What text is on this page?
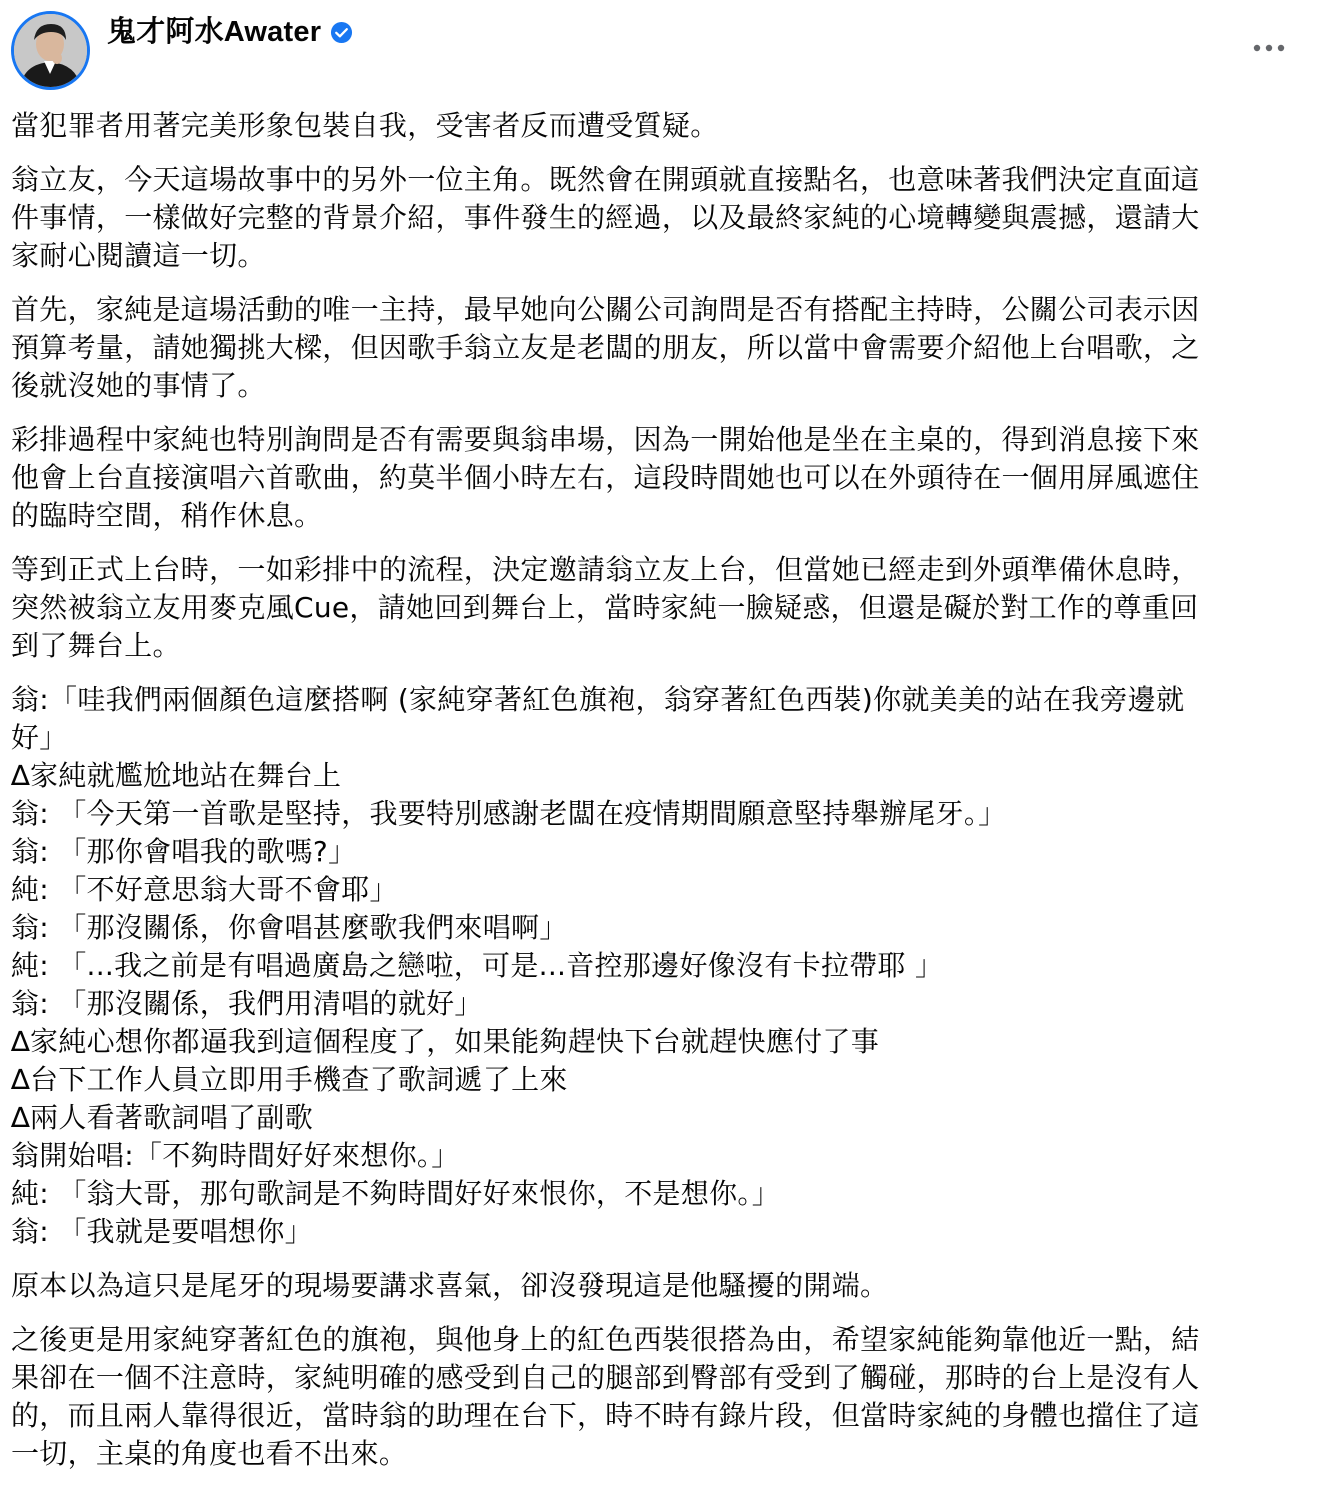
鬼才阿水Awater

當犯罪者用著完美形象包裝自我，受害者反而遭受質疑。

翁立友，今天這場故事中的另外一位主角。既然會在開頭就直接點名，也意味著我們決定直面這
件事情，一樣做好完整的背景介紹，事件發生的經過，以及最終家純的心境轉變與震撼，還請大
家耐心閱讀這一切。

首先，家純是這場活動的唯一主持，最早她向公關公司詢問是否有搭配主持時，公關公司表示因
預算考量，請她獨挑大樑，但因歌手翁立友是老闆的朋友，所以當中會需要介紹他上台唱歌，之
後就沒她的事情了。

彩排過程中家純也特別詢問是否有需要與翁串場，因為一開始他是坐在主桌的，得到消息接下來
他會上台直接演唱六首歌曲，約莫半個小時左右，這段時間她也可以在外頭待在一個用屏風遮住
的臨時空間，稍作休息。

等到正式上台時，一如彩排中的流程，決定邀請翁立友上台，但當她已經走到外頭準備休息時，
突然被翁立友用麥克風Cue，請她回到舞台上，當時家純一臉疑惑，但還是礙於對工作的尊重回
到了舞台上。

翁:「哇我們兩個顏色這麼搭啊 (家純穿著紅色旗袍，翁穿著紅色西裝)你就美美的站在我旁邊就
好」
∆家純就尷尬地站在舞台上
翁: 「今天第一首歌是堅持，我要特別感謝老闆在疫情期間願意堅持舉辦尾牙。」
翁: 「那你會唱我的歌嗎?」
純: 「不好意思翁大哥不會耶」
翁: 「那沒關係，你會唱甚麼歌我們來唱啊」
純: 「...我之前是有唱過廣島之戀啦，可是...音控那邊好像沒有卡拉帶耶 」
翁: 「那沒關係，我們用清唱的就好」
∆家純心想你都逼我到這個程度了，如果能夠趕快下台就趕快應付了事
∆台下工作人員立即用手機查了歌詞遞了上來
∆兩人看著歌詞唱了副歌
翁開始唱:「不夠時間好好來想你。」
純: 「翁大哥，那句歌詞是不夠時間好好來恨你，不是想你。」
翁: 「我就是要唱想你」

原本以為這只是尾牙的現場要講求喜氣，卻沒發現這是他騷擾的開端。

之後更是用家純穿著紅色的旗袍，與他身上的紅色西裝很搭為由，希望家純能夠靠他近一點，結
果卻在一個不注意時，家純明確的感受到自己的腿部到臀部有受到了觸碰，那時的台上是沒有人
的，而且兩人靠得很近，當時翁的助理在台下，時不時有錄片段，但當時家純的身體也擋住了這
一切，主桌的角度也看不出來。
